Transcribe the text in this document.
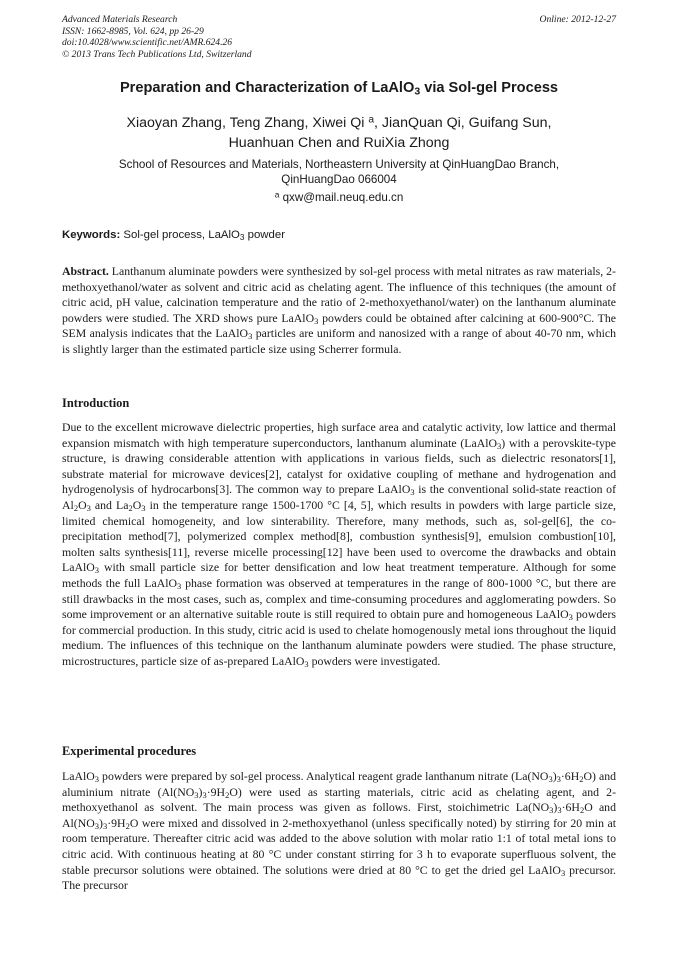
Advanced Materials Research
ISSN: 1662-8985, Vol. 624, pp 26-29
doi:10.4028/www.scientific.net/AMR.624.26
© 2013 Trans Tech Publications Ltd, Switzerland
Online: 2012-12-27
Preparation and Characterization of LaAlO$_3$ via Sol-gel Process
Xiaoyan Zhang, Teng Zhang, Xiwei Qi $^a$, JianQuan Qi, Guifang Sun,
Huanhuan Chen and RuiXia Zhong
School of Resources and Materials, Northeastern University at QinHuangDao Branch,
QinHuangDao 066004
$^a$ qxw@mail.neuq.edu.cn
Keywords: Sol-gel process, LaAlO$_3$ powder
Abstract. Lanthanum aluminate powders were synthesized by sol-gel process with metal nitrates as raw materials, 2-methoxyethanol/water as solvent and citric acid as chelating agent. The influence of this techniques (the amount of citric acid, pH value, calcination temperature and the ratio of 2-methoxyethanol/water) on the lanthanum aluminate powders were studied. The XRD shows pure LaAlO$_3$ powders could be obtained after calcining at 600-900°C. The SEM analysis indicates that the LaAlO$_3$ particles are uniform and nanosized with a range of about 40-70 nm, which is slightly larger than the estimated particle size using Scherrer formula.
Introduction
Due to the excellent microwave dielectric properties, high surface area and catalytic activity, low lattice and thermal expansion mismatch with high temperature superconductors, lanthanum aluminate (LaAlO$_3$) with a perovskite-type structure, is drawing considerable attention with applications in various fields, such as dielectric resonators[1], substrate material for microwave devices[2], catalyst for oxidative coupling of methane and hydrogenation and hydrogenolysis of hydrocarbons[3]. The common way to prepare LaAlO$_3$ is the conventional solid-state reaction of $Al_2O_3$ and $La_2O_3$ in the temperature range 1500-1700 °C [4, 5], which results in powders with large particle size, limited chemical homogeneity, and low sinterability. Therefore, many methods, such as, sol-gel[6], the co-precipitation method[7], polymerized complex method[8], combustion synthesis[9], emulsion combustion[10], molten salts synthesis[11], reverse micelle processing[12] have been used to overcome the drawbacks and obtain LaAlO$_3$ with small particle size for better densification and low heat treatment temperature. Although for some methods the full LaAlO$_3$ phase formation was observed at temperatures in the range of 800-1000 °C, but there are still drawbacks in the most cases, such as, complex and time-consuming procedures and agglomerating powders. So some improvement or an alternative suitable route is still required to obtain pure and homogeneous LaAlO$_3$ powders for commercial production. In this study, citric acid is used to chelate homogenously metal ions throughout the liquid medium. The influences of this technique on the lanthanum aluminate powders were studied. The phase structure, microstructures, particle size of as-prepared LaAlO$_3$ powders were investigated.
Experimental procedures
LaAlO$_3$ powders were prepared by sol-gel process. Analytical reagent grade lanthanum nitrate $(La(NO_3)_3\cdot 6H_2O)$ and aluminium nitrate $(Al(NO_3)_3\cdot 9H_2O)$ were used as starting materials, citric acid as chelating agent, and 2-methoxyethanol as solvent. The main process was given as follows. First, stoichimetric $La(NO_3)_3\cdot 6H_2O$ and $Al(NO_3)_3\cdot 9H_2O$ were mixed and dissolved in 2-methoxyethanol (unless specifically noted) by stirring for 20 min at room temperature. Thereafter citric acid was added to the above solution with molar ratio 1:1 of total metal ions to citric acid. With continuous heating at 80 °C under constant stirring for 3 h to evaporate superfluous solvent, the stable precursor solutions were obtained. The solutions were dried at 80 °C to get the dried gel LaAlO$_3$ precursor. The precursor
